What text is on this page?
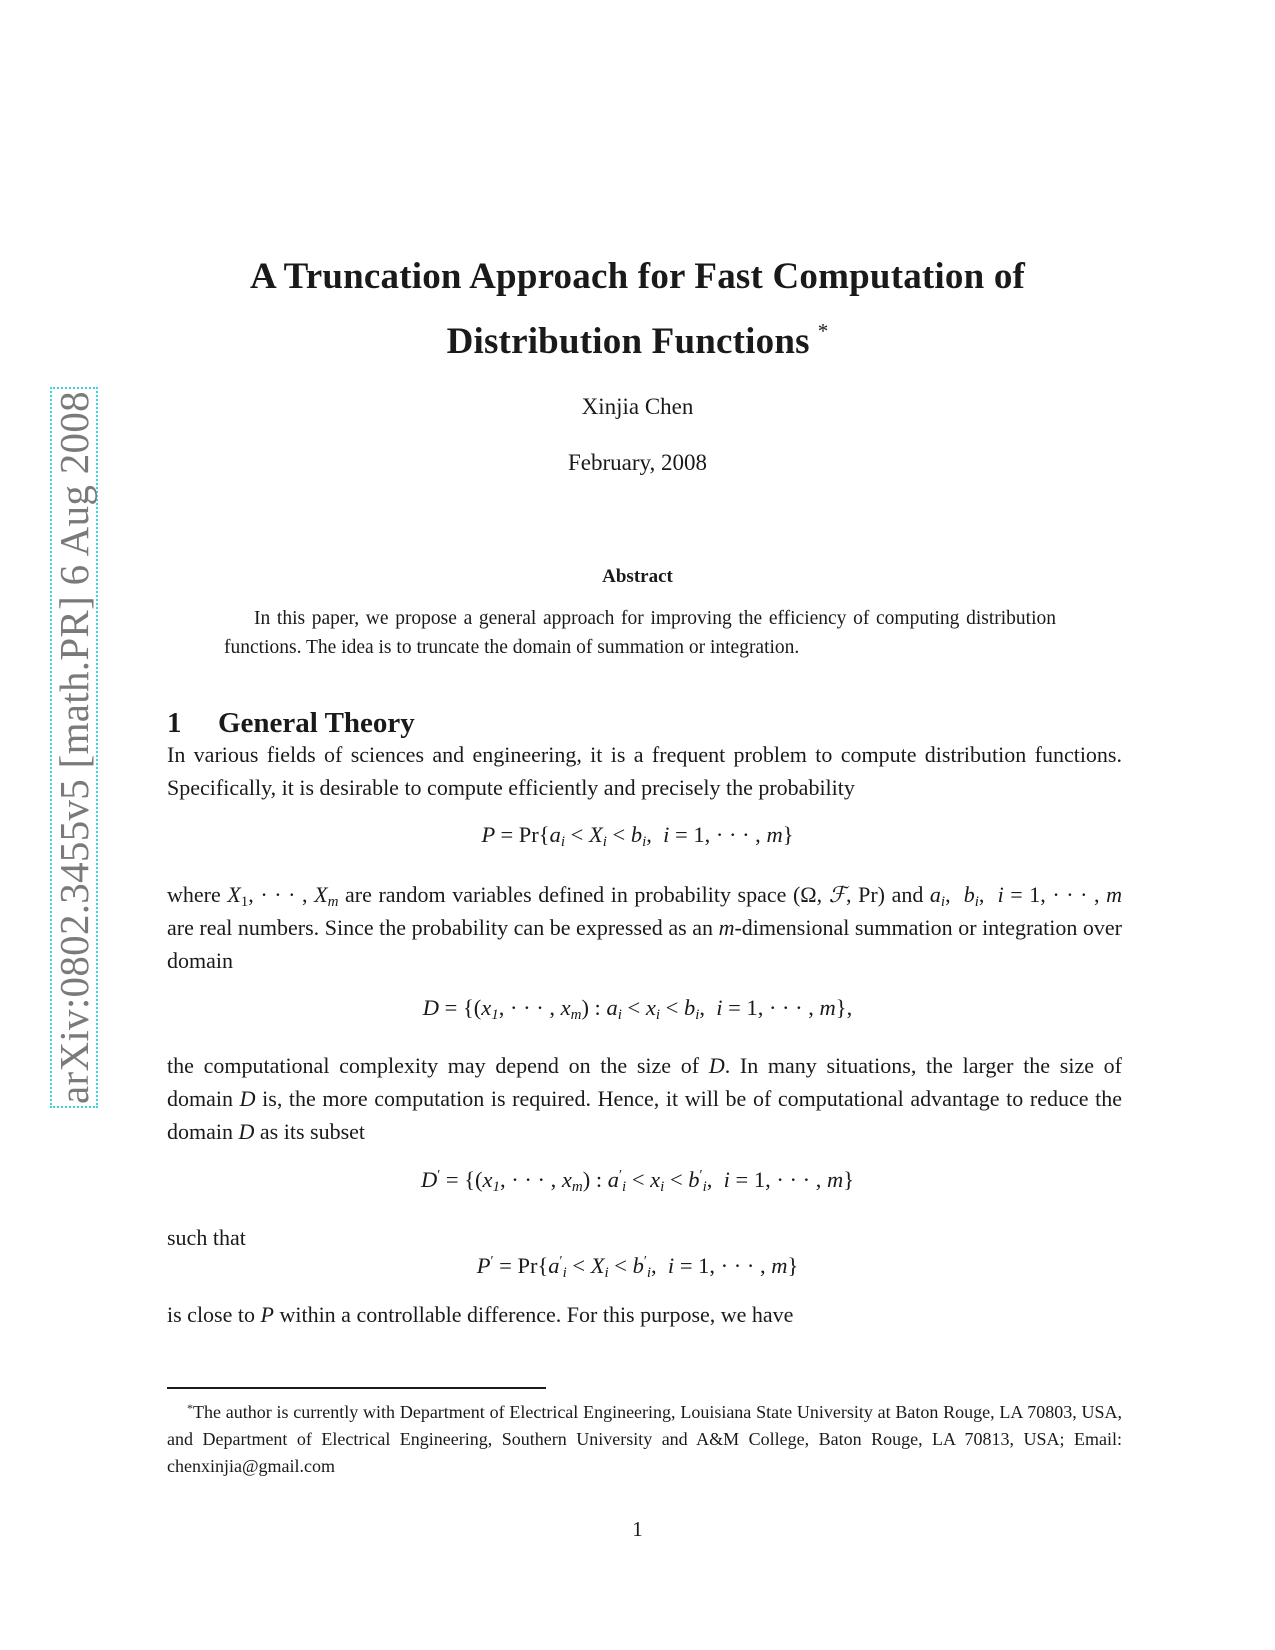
arXiv:0802.3455v5 [math.PR] 6 Aug 2008
A Truncation Approach for Fast Computation of
Distribution Functions *
Xinjia Chen
February, 2008
Abstract
In this paper, we propose a general approach for improving the efficiency of computing distribution functions. The idea is to truncate the domain of summation or integration.
1 General Theory
In various fields of sciences and engineering, it is a frequent problem to compute distribution functions. Specifically, it is desirable to compute efficiently and precisely the probability
$P = Pr\{a_i < X_i < b_i$,  i = 1, · · · , m}
where $X_1$, · · · , $X_m$ are random variables defined in probability space (Ω, ℱ, Pr) and $a_i$,  $b_i$,  i = 1, · · · , m are real numbers. Since the probability can be expressed as an m-dimensional summation or integration over domain
$D = \{(x_1$, · · · , $x_m$) : $a_i < x_i < b_i$,  i = 1, · · · , m},
the computational complexity may depend on the size of D. In many situations, the larger the size of domain D is, the more computation is required. Hence, it will be of computational advantage to reduce the domain D as its subset
$D' = \{(x_1$, · · · , $x_m$) : $a'_i < x_i < b'_i$,  i = 1, · · · , m}
such that
$P' = Pr\{a'_i < X_i < b'_i$,  i = 1, · · · , m}
is close to P within a controllable difference. For this purpose, we have
*The author is currently with Department of Electrical Engineering, Louisiana State University at Baton Rouge, LA 70803, USA, and Department of Electrical Engineering, Southern University and A&M College, Baton Rouge, LA 70813, USA; Email: chenxinjia@gmail.com
1
